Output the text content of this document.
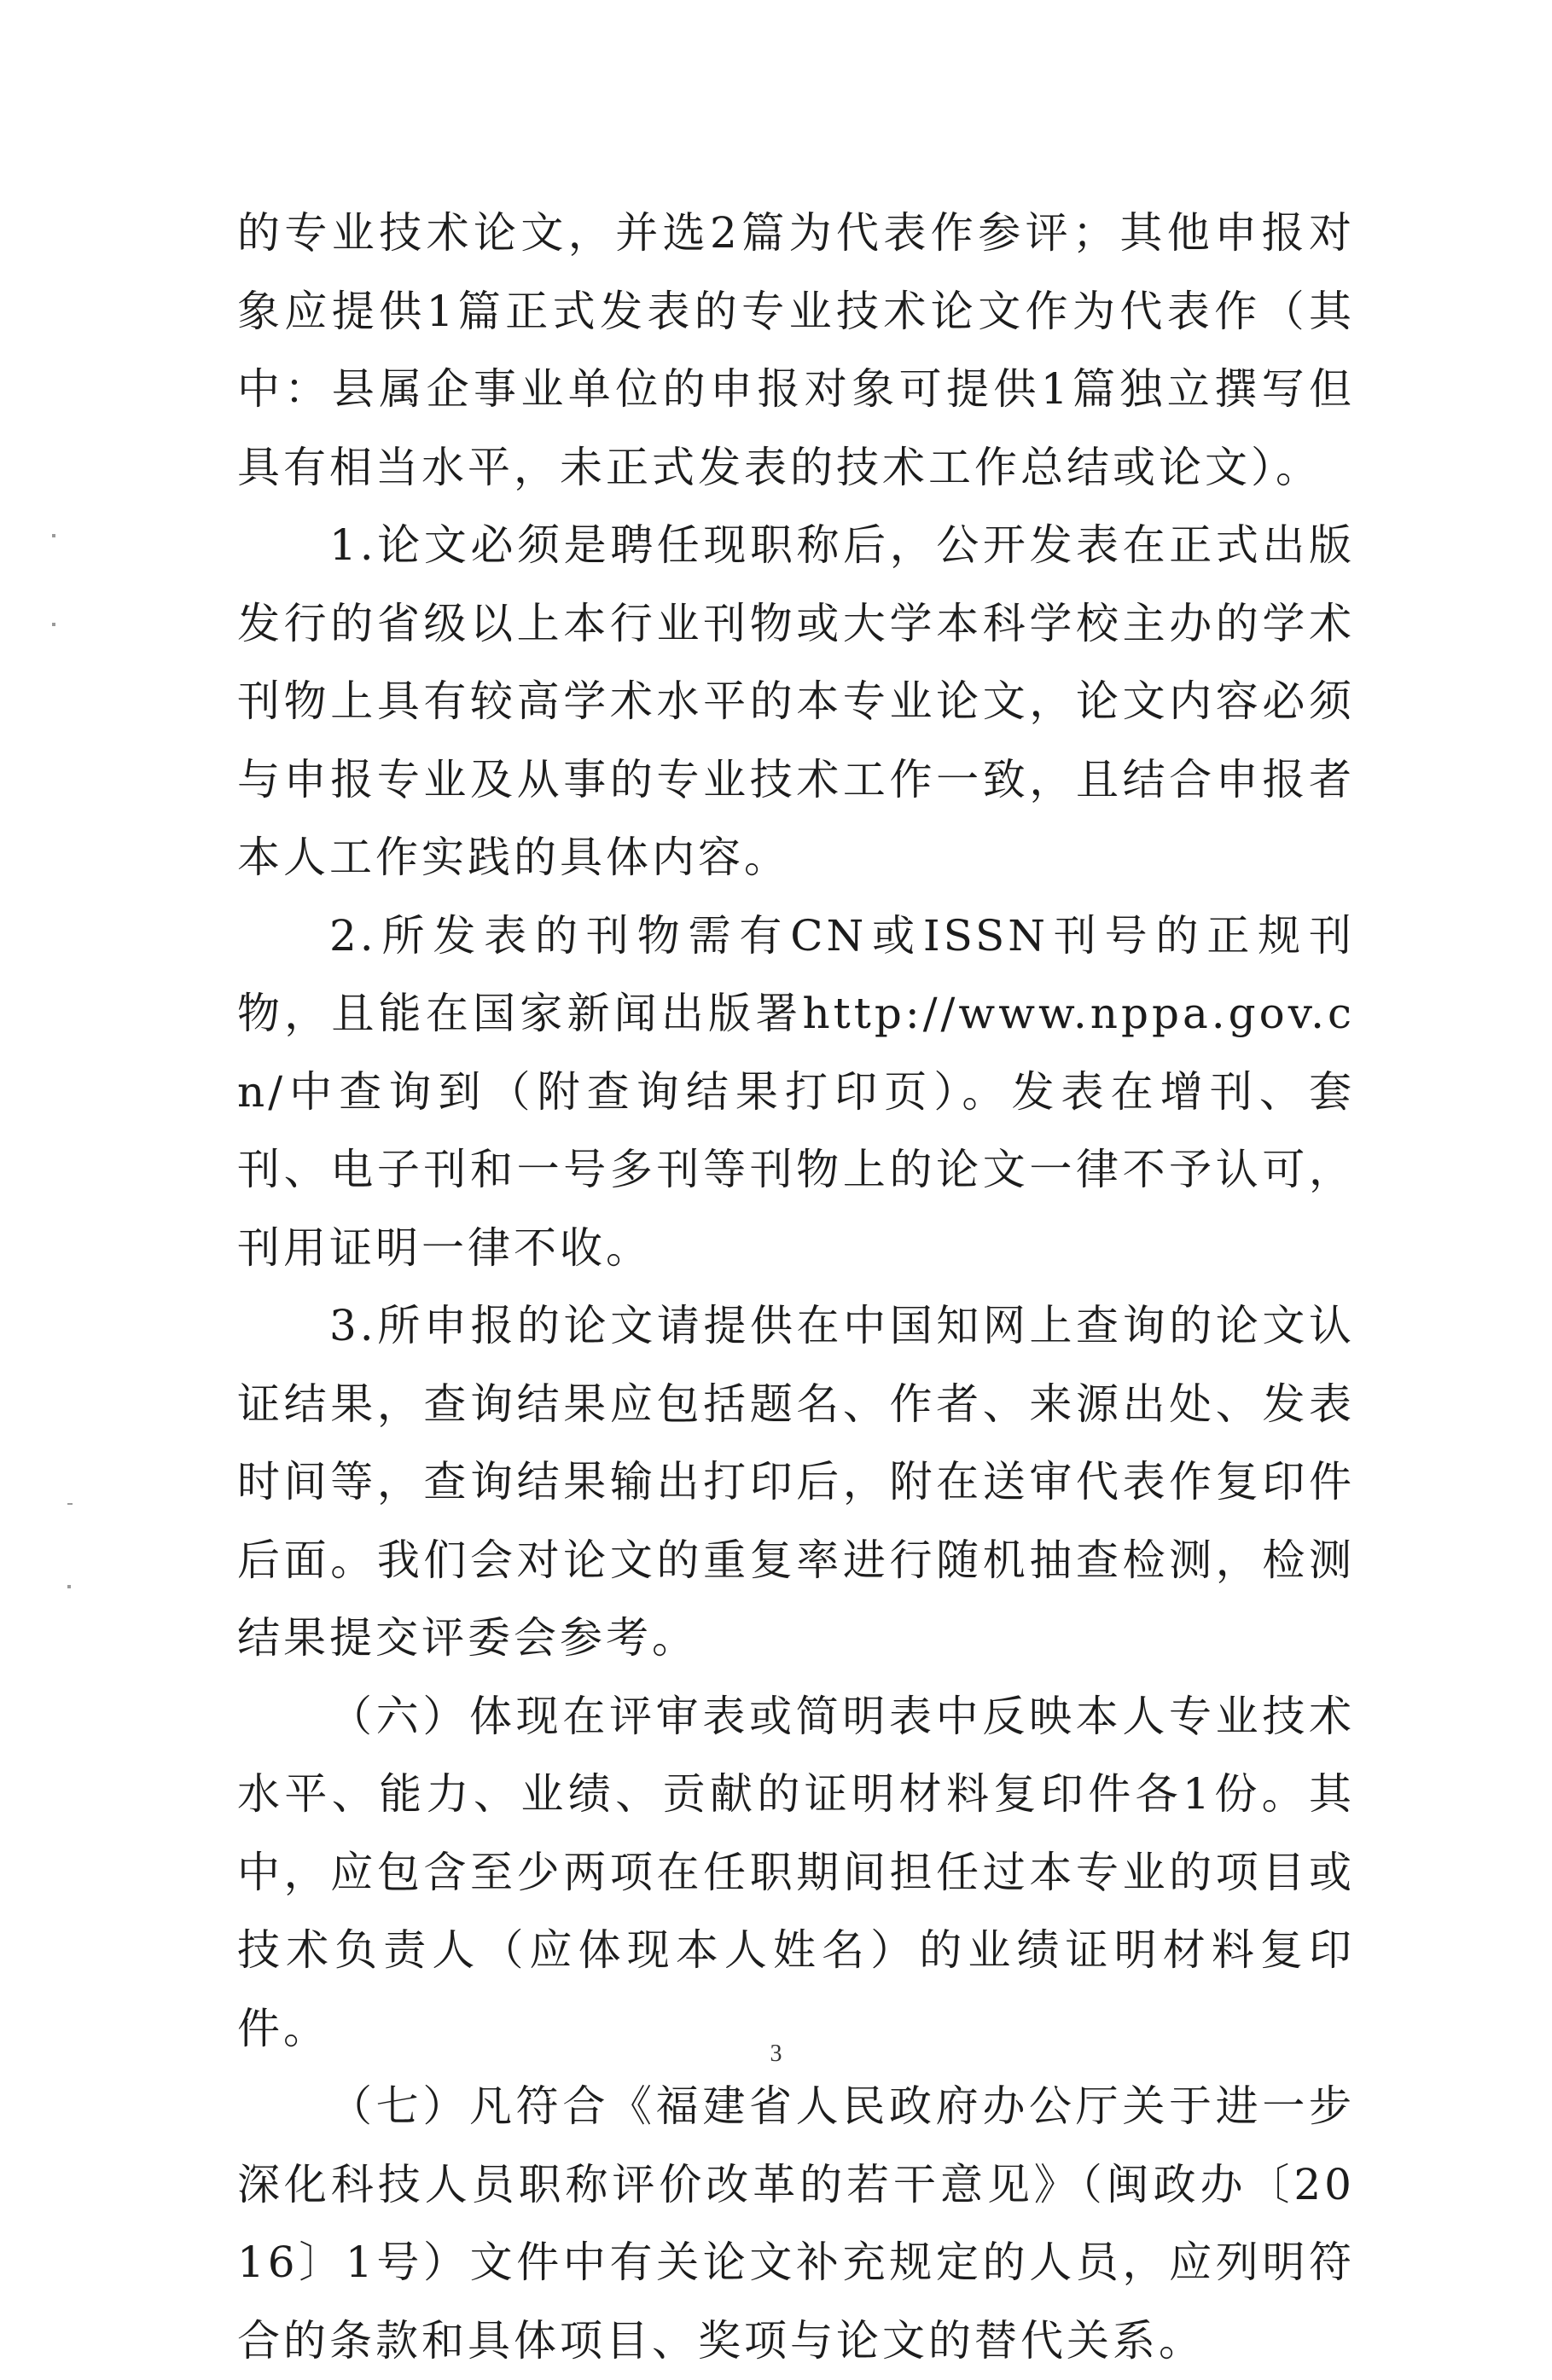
的专业技术论文，并选2篇为代表作参评；其他申报对象应提供1篇正式发表的专业技术论文作为代表作（其中：县属企事业单位的申报对象可提供1篇独立撰写但具有相当水平，未正式发表的技术工作总结或论文）。

1.论文必须是聘任现职称后，公开发表在正式出版发行的省级以上本行业刊物或大学本科学校主办的学术刊物上具有较高学术水平的本专业论文，论文内容必须与申报专业及从事的专业技术工作一致，且结合申报者本人工作实践的具体内容。

2.所发表的刊物需有CN或ISSN刊号的正规刊物，且能在国家新闻出版署http://www.nppa.gov.cn/中查询到（附查询结果打印页）。发表在增刊、套刊、电子刊和一号多刊等刊物上的论文一律不予认可，刊用证明一律不收。

3.所申报的论文请提供在中国知网上查询的论文认证结果，查询结果应包括题名、作者、来源出处、发表时间等，查询结果输出打印后，附在送审代表作复印件后面。我们会对论文的重复率进行随机抽查检测，检测结果提交评委会参考。

（六）体现在评审表或简明表中反映本人专业技术水平、能力、业绩、贡献的证明材料复印件各1份。其中，应包含至少两项在任职期间担任过本专业的项目或技术负责人（应体现本人姓名）的业绩证明材料复印件。

（七）凡符合《福建省人民政府办公厅关于进一步深化科技人员职称评价改革的若干意见》（闽政办〔2016〕1号）文件中有关论文补充规定的人员，应列明符合的条款和具体项目、奖项与论文的替代关系。

3
